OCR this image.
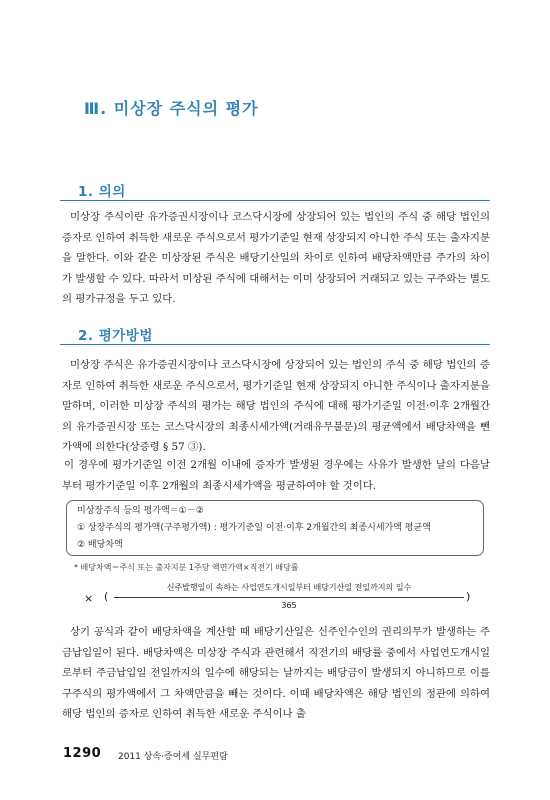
Ⅲ. 미상장 주식의 평가
1. 의의

미상장 주식이란 유가증권시장이나 코스닥시장에 상장되어 있는 법인의 주식 중 해당 법인의 증자로 인하여 취득한 새로운 주식으로서 평가기준일 현재 상장되지 아니한 주식 또는 출자지분을 말한다. 이와 같은 미상장된 주식은 배당기산일의 차이로 인하여 배당차액만큼 주가의 차이가 발생할 수 있다. 따라서 미상된 주식에 대해서는 이미 상장되어 거래되고 있는 구주와는 별도의 평가규정을 두고 있다.

2. 평가방법

미상장 주식은 유가증권시장이나 코스닥시장에 상장되어 있는 법인의 주식 중 해당 법인의 증자로 인하여 취득한 새로운 주식으로서, 평가기준일 현재 상장되지 아니한 주식이나 출자지분을 말하며, 이러한 미상장 주식의 평가는 해당 법인의 주식에 대해 평가기준일 이전·이후 2개월간의 유가증권시장 또는 코스닥시장의 최종시세가액(거래유무불문)의 평균액에서 배당차액을 뺀 가액에 의한다(상증령 § 57 ③).

이 경우에 평가기준일 이전 2개월 이내에 증자가 발생된 경우에는 사유가 발생한 날의 다음날부터 평가기준일 이후 2개월의 최종시세가액을 평균하여야 할 것이다.

미상장주식 등의 평가액＝①－②
① 상장주식의 평가액(구주평가액) : 평가기준일 이전·이후 2개월간의 최종시세가액 평균액
② 배당차액
* 배당차액＝주식 또는 출자지분 1주당 액면가액×직전기 배당률
× (
신주발행일이 속하는 사업연도개시일부터 배당기산일 전일까지의 일수
365
)

상기 공식과 같이 배당차액을 계산할 때 배당기산일은 신주인수인의 권리의무가 발생하는 주금납입일이 된다. 배당차액은 미상장 주식과 관련해서 직전기의 배당률 중에서 사업연도개시일로부터 주금납입일 전일까지의 일수에 해당되는 날까지는 배당금이 발생되지 아니하므로 이를 구주식의 평가액에서 그 차액만큼을 빼는 것이다. 이때 배당차액은 해당 법인의 정관에 의하여 해당 법인의 증자로 인하여 취득한 새로운 주식이나 출

1290 2011 상속·증여세 실무편람
